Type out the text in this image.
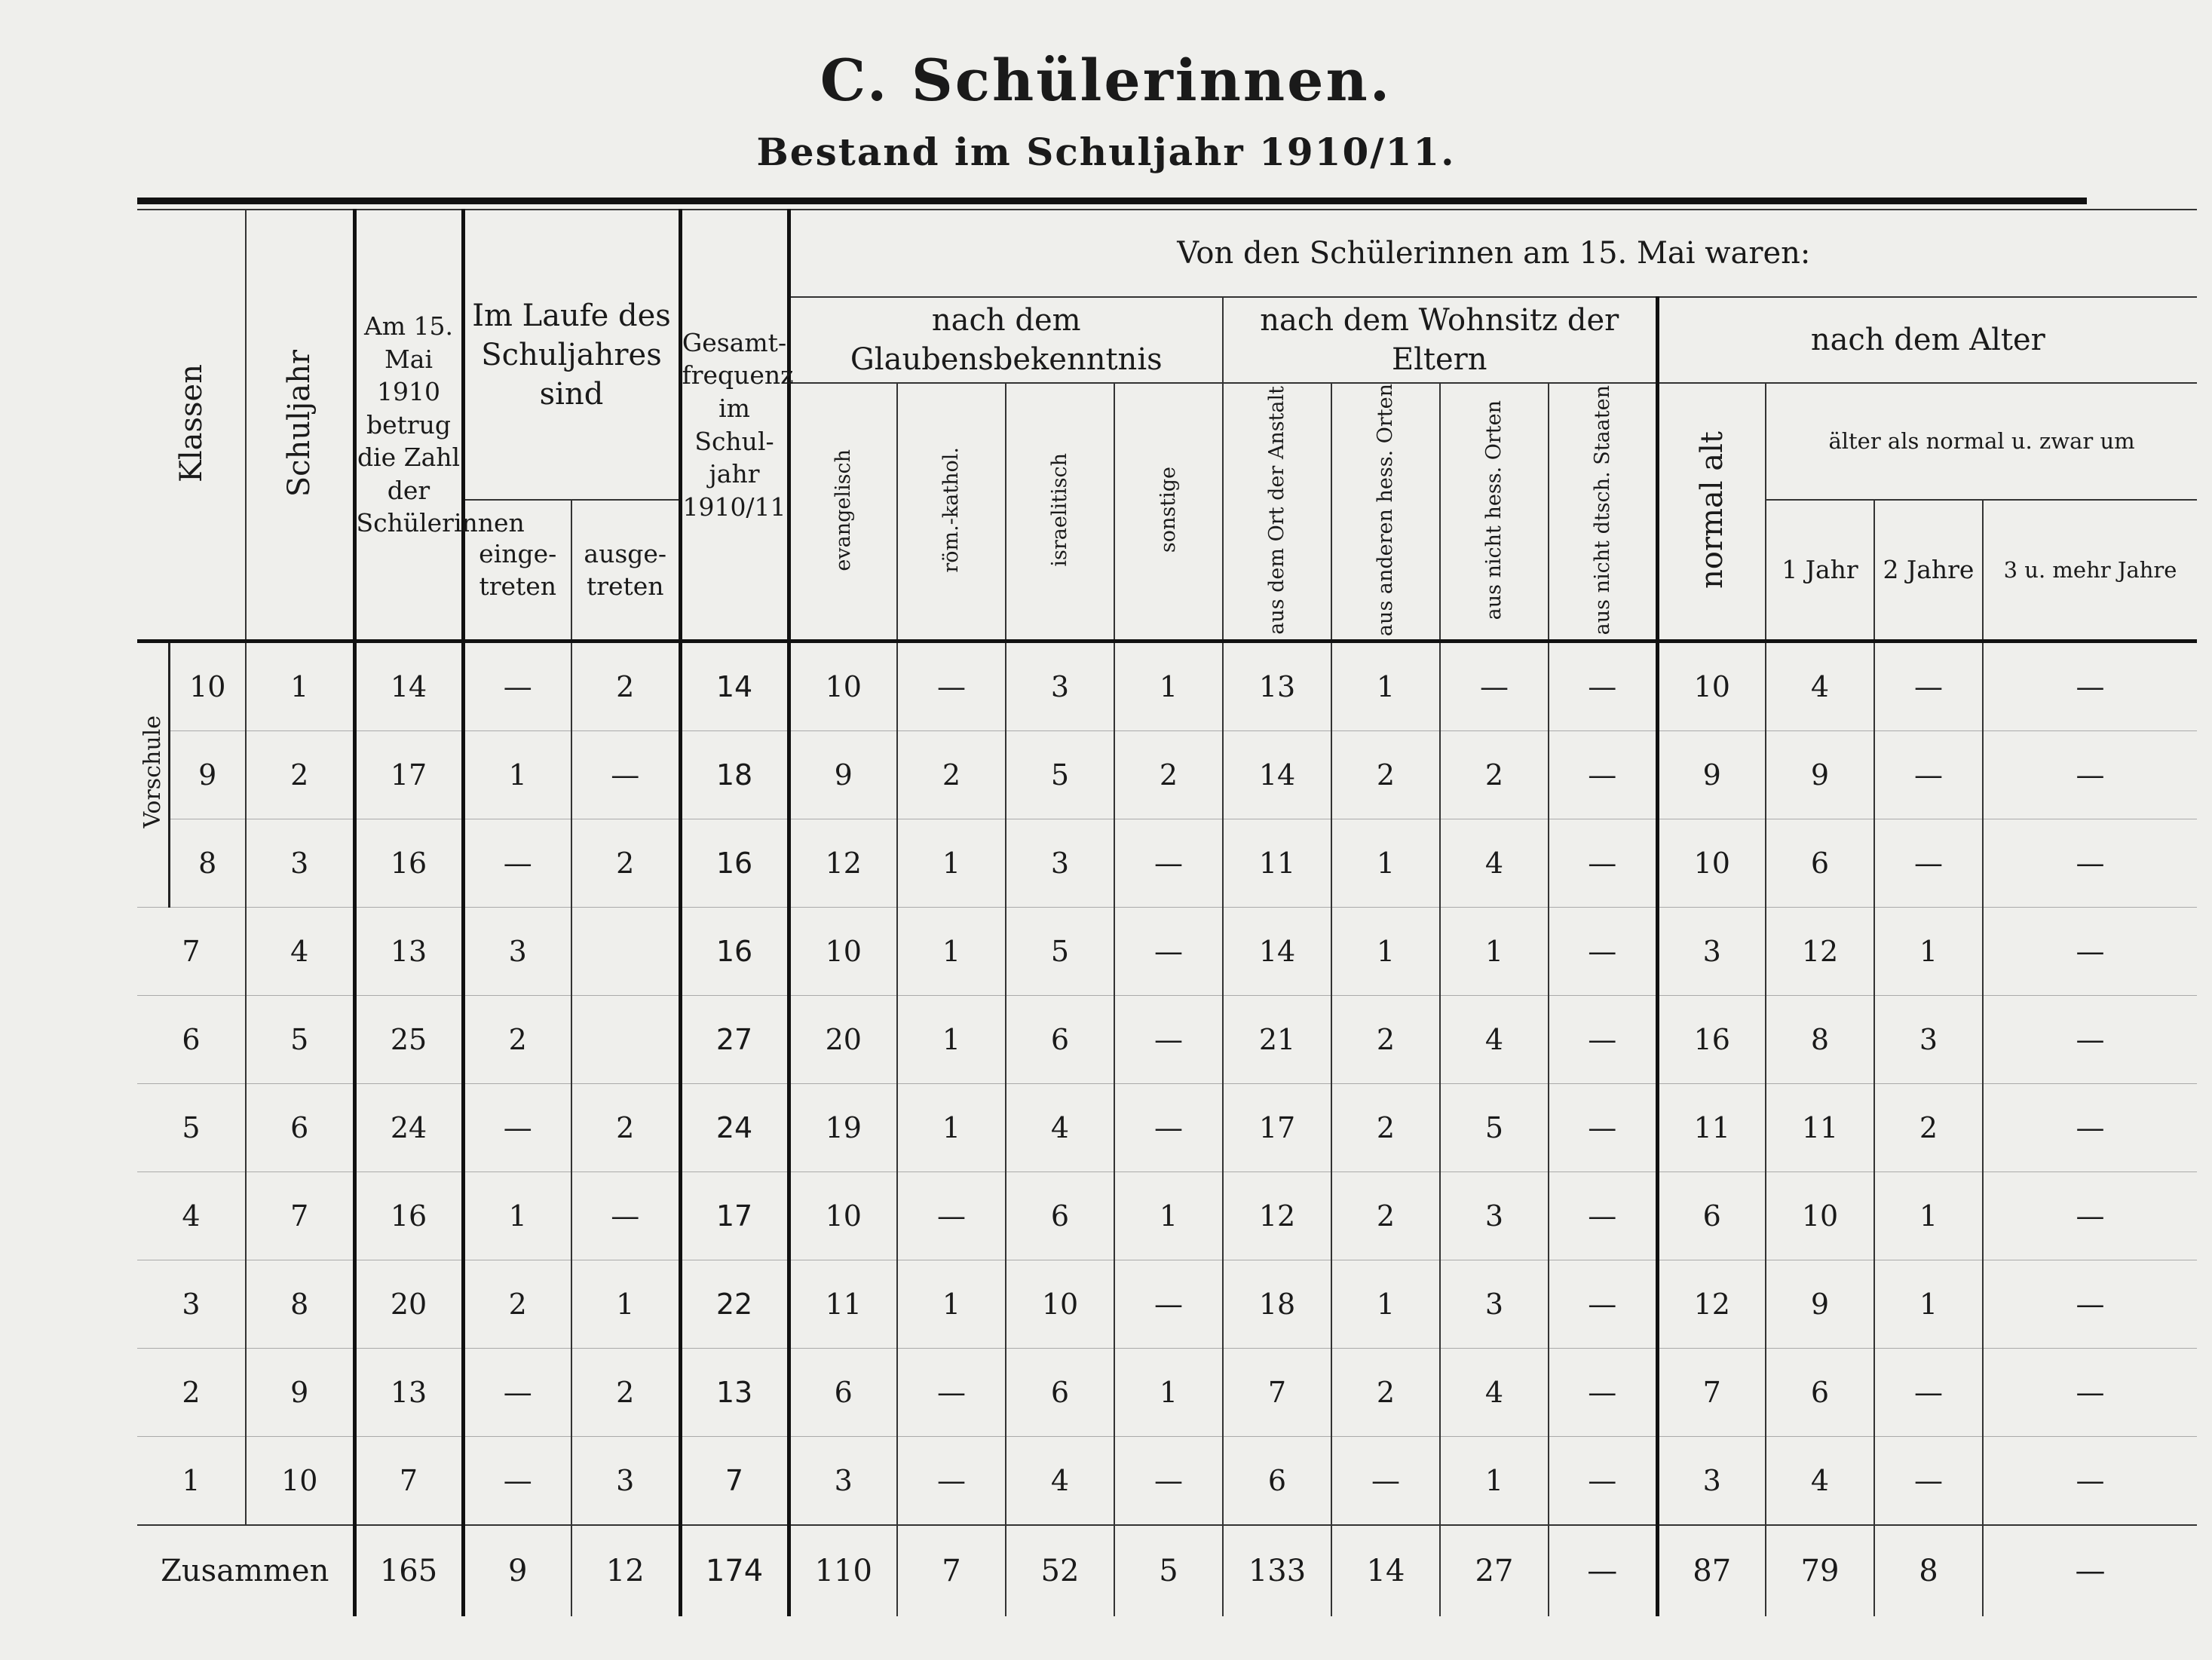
C. Schülerinnen.
Bestand im Schuljahr 1910/11.
Klassen		Schuljahr	Am 15. Mai 1910 betrug die Zahl der Schülerinnen	Im Laufe des Schuljahres sind		Gesamt- frequenz im Schul- jahr 1910/11	Von den Schülerinnen am 15. Mai waren:											
							nach dem Glaubensbekenntnis				nach dem Wohnsitz der Eltern				nach dem Alter			
							evangelisch	röm.-kathol.	israelitisch	sonstige	aus dem Ort der Anstalt	aus anderen hess. Orten	aus nicht hess. Orten	aus nicht dtsch. Staaten	normal alt	älter als normal u. zwar um		
				einge- treten	ausge- treten											1 Jahr	2 Jahre	3 u. mehr Jahre
Vorschule	10	1	14	—	2	14	10	—	3	1	13	1	—	—	10	4	—	—
	9	2	17	1	—	18	9	2	5	2	14	2	2	—	9	9	—	—
	8	3	16	—	2	16	12	1	3	—	11	1	4	—	10	6	—	—
7		4	13	3		16	10	1	5	—	14	1	1	—	3	12	1	—
6		5	25	2		27	20	1	6	—	21	2	4	—	16	8	3	—
5		6	24	—	2	24	19	1	4	—	17	2	5	—	11	11	2	—
4		7	16	1	—	17	10	—	6	1	12	2	3	—	6	10	1	—
3		8	20	2	1	22	11	1	10	—	18	1	3	—	12	9	1	—
2		9	13	—	2	13	6	—	6	1	7	2	4	—	7	6	—	—
1		10	7	—	3	7	3	—	4	—	6	—	1	—	3	4	—	—
Zusammen			165	9	12	174	110	7	52	5	133	14	27	—	87	79	8	—
